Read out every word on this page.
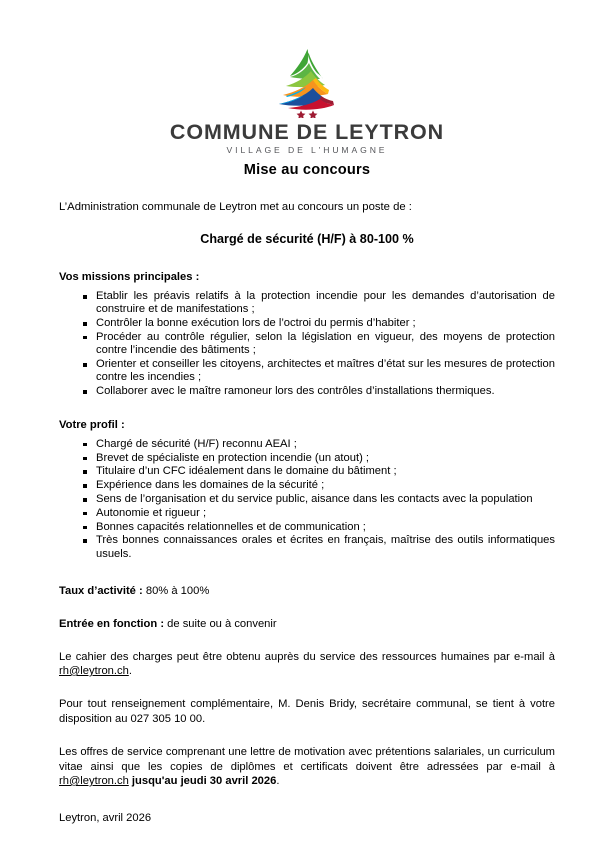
COMMUNE DE LEYTRON
VILLAGE DE L'HUMAGNE
Mise au concours

L’Administration communale de Leytron met au concours un poste de :

Chargé de sécurité (H/F) à 80-100 %
Vos missions principales :
Etablir les préavis relatifs à la protection incendie pour les demandes d’autorisation de construire et de manifestations ;
Contrôler la bonne exécution lors de l’octroi du permis d’habiter ;
Procéder au contrôle régulier, selon la législation en vigueur, des moyens de protection contre l’incendie des bâtiments ;
Orienter et conseiller les citoyens, architectes et maîtres d’état sur les mesures de protection contre les incendies ;
Collaborer avec le maître ramoneur lors des contrôles d’installations thermiques.
Votre profil :
Chargé de sécurité (H/F) reconnu AEAI ;
Brevet de spécialiste en protection incendie (un atout) ;
Titulaire d’un CFC idéalement dans le domaine du bâtiment ;
Expérience dans les domaines de la sécurité ;
Sens de l’organisation et du service public, aisance dans les contacts avec la population
Autonomie et rigueur ;
Bonnes capacités relationnelles et de communication ;
Très bonnes connaissances orales et écrites en français, maîtrise des outils informatiques usuels.

Taux d’activité : 80% à 100%

Entrée en fonction : de suite ou à convenir

Le cahier des charges peut être obtenu auprès du service des ressources humaines par e-mail à rh@leytron.ch.

Pour tout renseignement complémentaire, M. Denis Bridy, secrétaire communal, se tient à votre disposition au 027 305 10 00.

Les offres de service comprenant une lettre de motivation avec prétentions salariales, un curriculum vitae ainsi que les copies de diplômes et certificats doivent être adressées par e-mail à rh@leytron.ch jusqu'au jeudi 30 avril 2026.

Leytron, avril 2026
